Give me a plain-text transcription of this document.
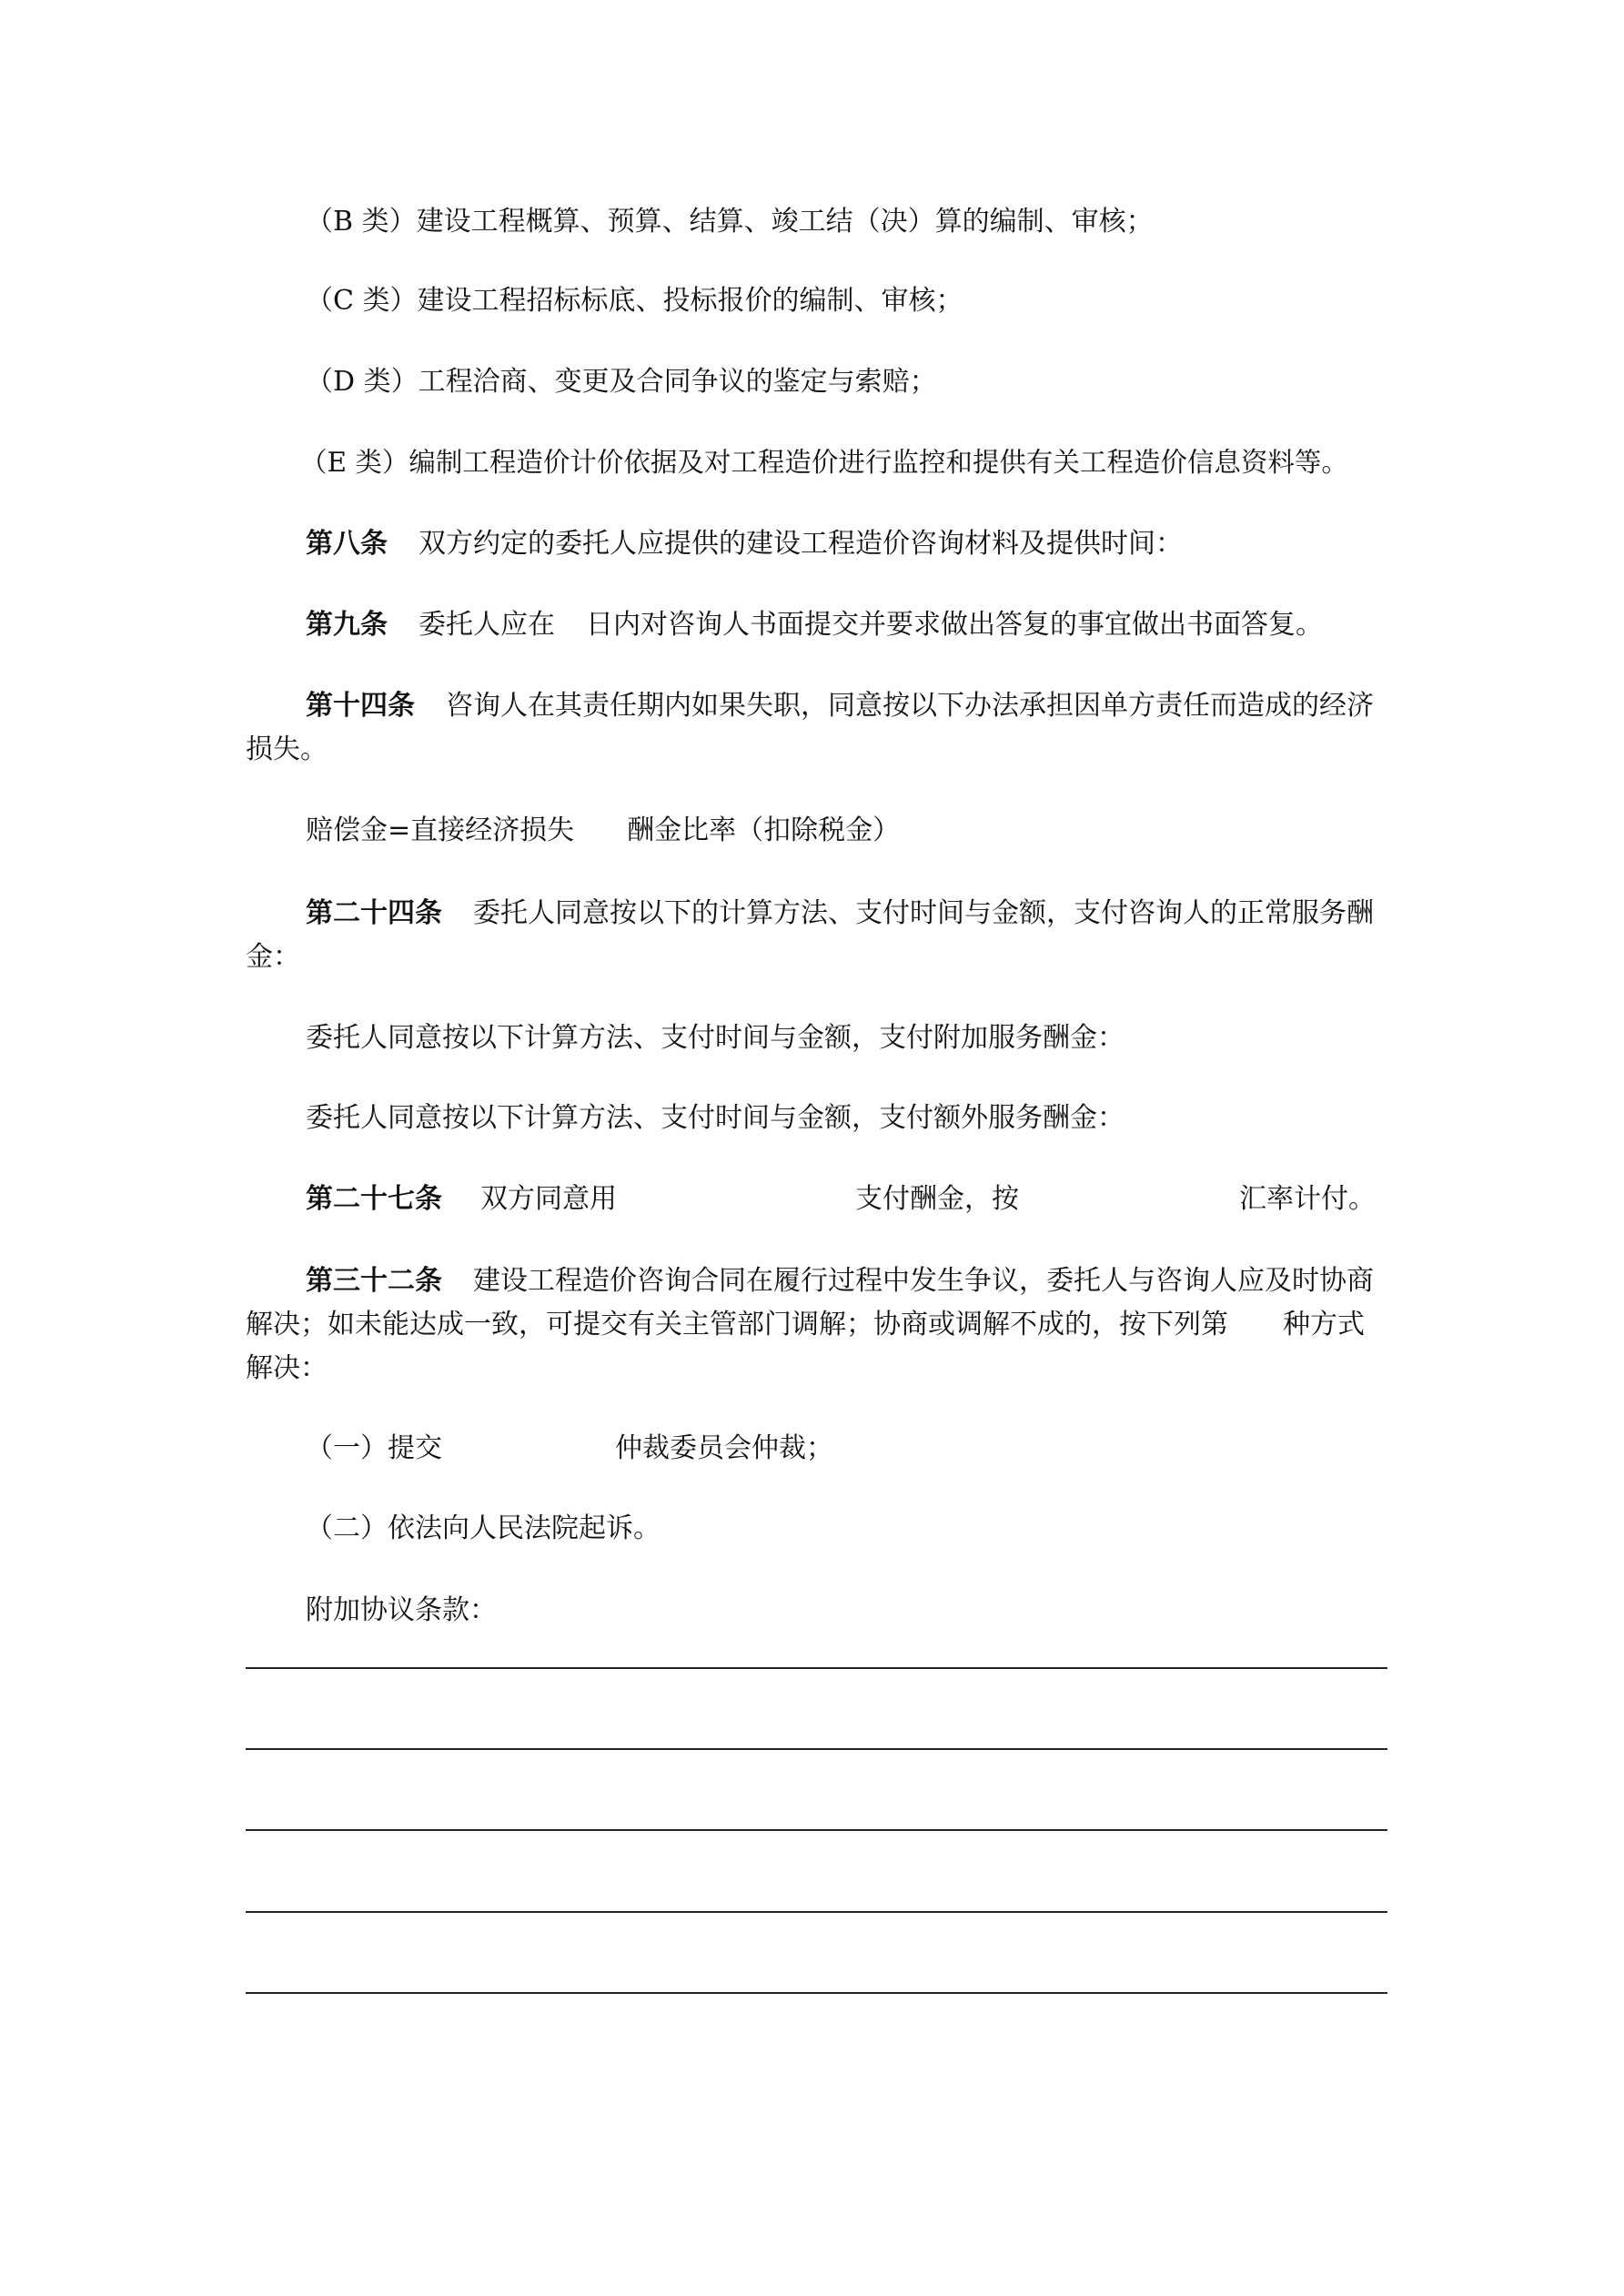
（B 类）建设工程概算、预算、结算、竣工结（决）算的编制、审核；
（C 类）建设工程招标标底、投标报价的编制、审核；
（D 类）工程洽商、变更及合同争议的鉴定与索赔；
（E 类）编制工程造价计价依据及对工程造价进行监控和提供有关工程造价信息资料等。
第八条 双方约定的委托人应提供的建设工程造价咨询材料及提供时间：
第九条 委托人应在 日内对咨询人书面提交并要求做出答复的事宜做出书面答复。
第十四条 咨询人在其责任期内如果失职，同意按以下办法承担因单方责任而造成的经济损失。
赔偿金=直接经济损失 酬金比率（扣除税金）
第二十四条 委托人同意按以下的计算方法、支付时间与金额，支付咨询人的正常服务酬金：
委托人同意按以下计算方法、支付时间与金额，支付附加服务酬金：
委托人同意按以下计算方法、支付时间与金额，支付额外服务酬金：
第二十七条 双方同意用	支付酬金，按	汇率计付。
第三十二条 建设工程造价咨询合同在履行过程中发生争议，委托人与咨询人应及时协商解决；如未能达成一致，可提交有关主管部门调解；协商或调解不成的，按下列第 种方式解决：
（一）提交	仲裁委员会仲裁；
（二）依法向人民法院起诉。
附加协议条款：
